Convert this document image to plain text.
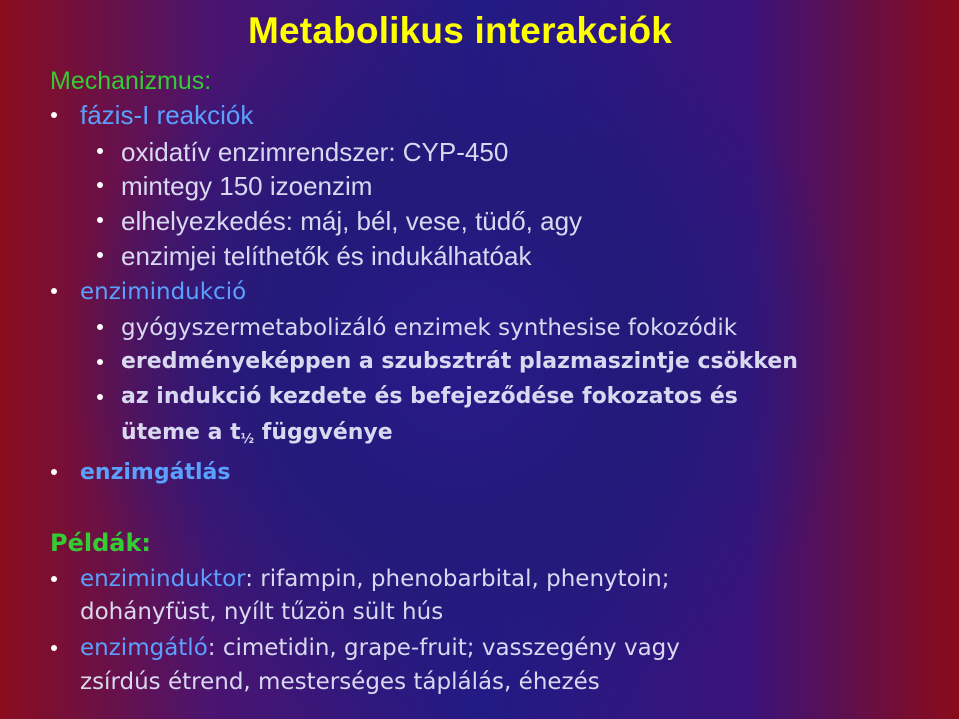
Metabolikus interakciók
Mechanizmus:
fázis-I reakciók
oxidatív enzimrendszer: CYP-450
mintegy 150 izoenzim
elhelyezkedés: máj, bél, vese, tüdő, agy
enzimjei telíthetők és indukálhatóak
enzimindukció
gyógyszermetabolizáló enzimek synthesise fokozódik
eredményeképpen a szubsztrát plazmaszintje csökken
az indukció kezdete és befejeződése fokozatos és
üteme a $t_{\frac{1}{2}}$ függvénye
enzimgátlás
Példák:
enziminduktor: rifampin, phenobarbital, phenytoin;
dohányfüst, nyílt tűzön sült hús
enzimgátló: cimetidin, grape-fruit; vasszegény vagy
zsírdús étrend, mesterséges táplálás, éhezés
